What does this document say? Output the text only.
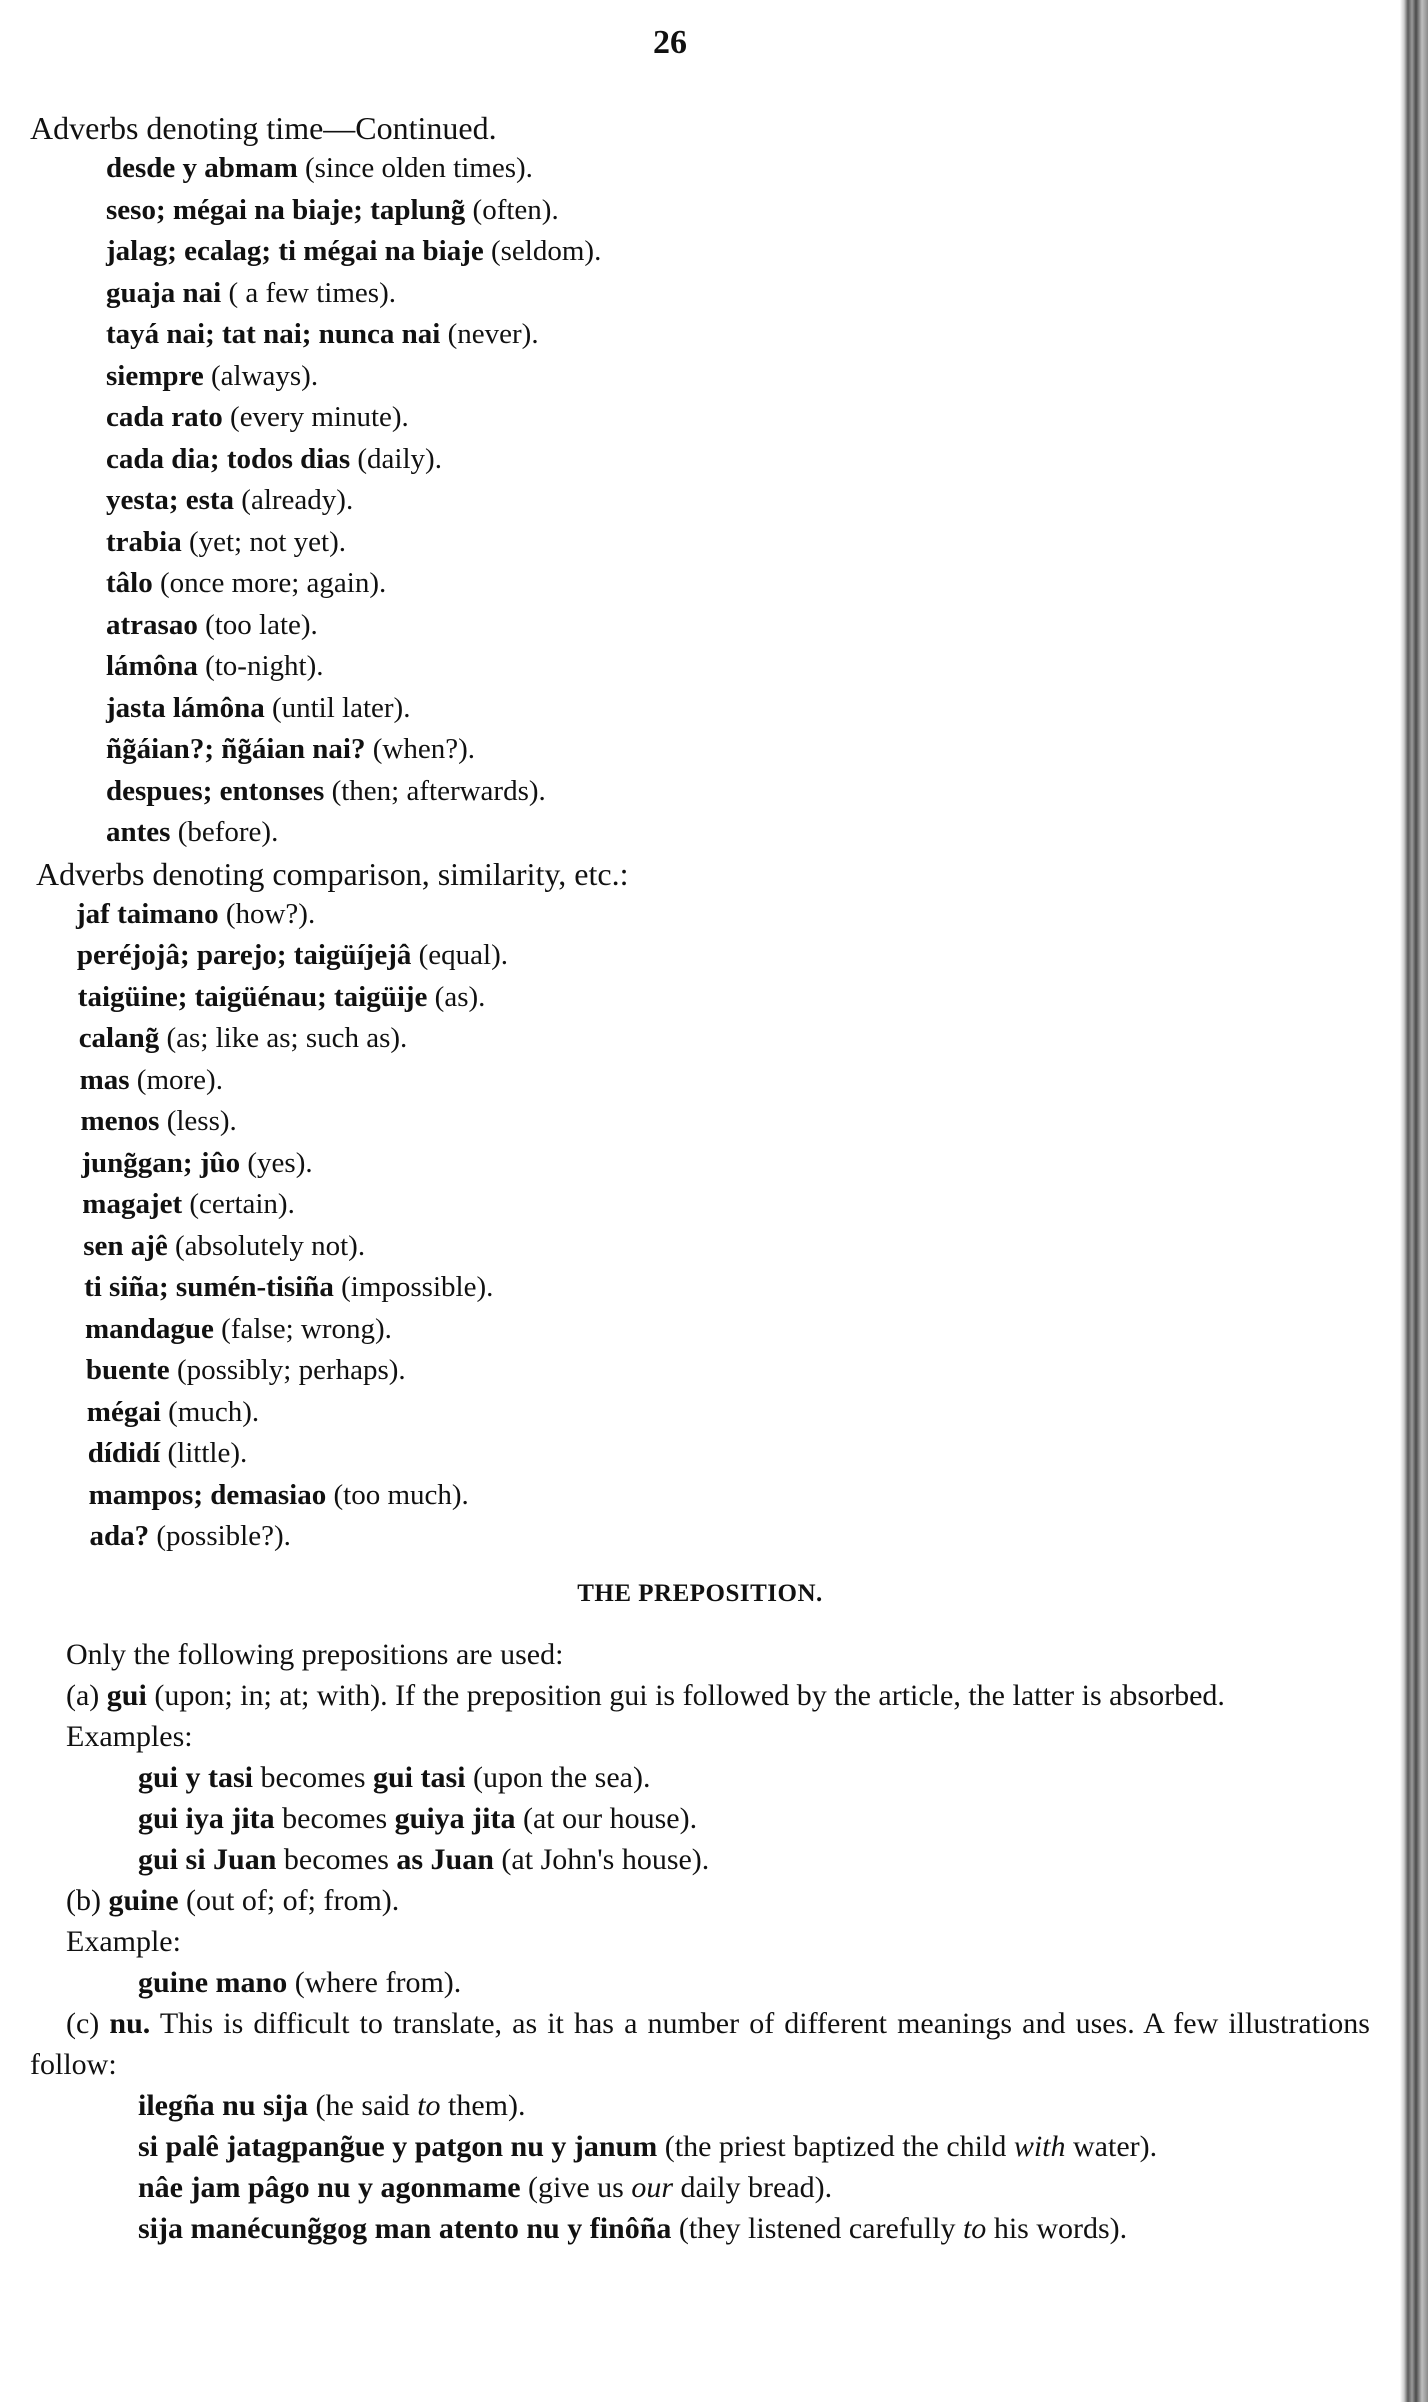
26
Adverbs denoting time—Continued.
desde y abmam (since olden times).
seso; mégai na biaje; taplung̃ (often).
jalag; ecalag; ti mégai na biaje (seldom).
guaja nai ( a few times).
tayá nai; tat nai; nunca nai (never).
siempre (always).
cada rato (every minute).
cada dia; todos dias (daily).
yesta; esta (already).
trabia (yet; not yet).
tâlo (once more; again).
atrasao (too late).
lámôna (to-night).
jasta lámôna (until later).
ñg̃áian?; ñg̃áian nai? (when?).
despues; entonses (then; afterwards).
antes (before).
Adverbs denoting comparison, similarity, etc.:
jaf taimano (how?).
peréjojâ; parejo; taigüíjejâ (equal).
taigüine; taigüénau; taigüije (as).
calang̃ (as; like as; such as).
mas (more).
menos (less).
jung̃gan; jûo (yes).
magajet (certain).
sen ajê (absolutely not).
ti siña; sumén-tisiña (impossible).
mandague (false; wrong).
buente (possibly; perhaps).
mégai (much).
dídidí (little).
mampos; demasiao (too much).
ada? (possible?).
THE PREPOSITION.
Only the following prepositions are used:
(a) gui (upon; in; at; with). If the preposition gui is followed by the article, the latter is absorbed.
Examples:
gui y tasi becomes gui tasi (upon the sea).
gui iya jita becomes guiya jita (at our house).
gui si Juan becomes as Juan (at John's house).
(b) guine (out of; of; from).
Example:
guine mano (where from).
(c) nu. This is difficult to translate, as it has a number of different meanings and uses. A few illustrations follow:
ilegña nu sija (he said to them).
si palê jatagpang̃ue y patgon nu y janum (the priest baptized the child with water).
nâe jam pâgo nu y agonmame (give us our daily bread).
sija manécung̃gog man atento nu y finôña (they listened carefully to his words).
